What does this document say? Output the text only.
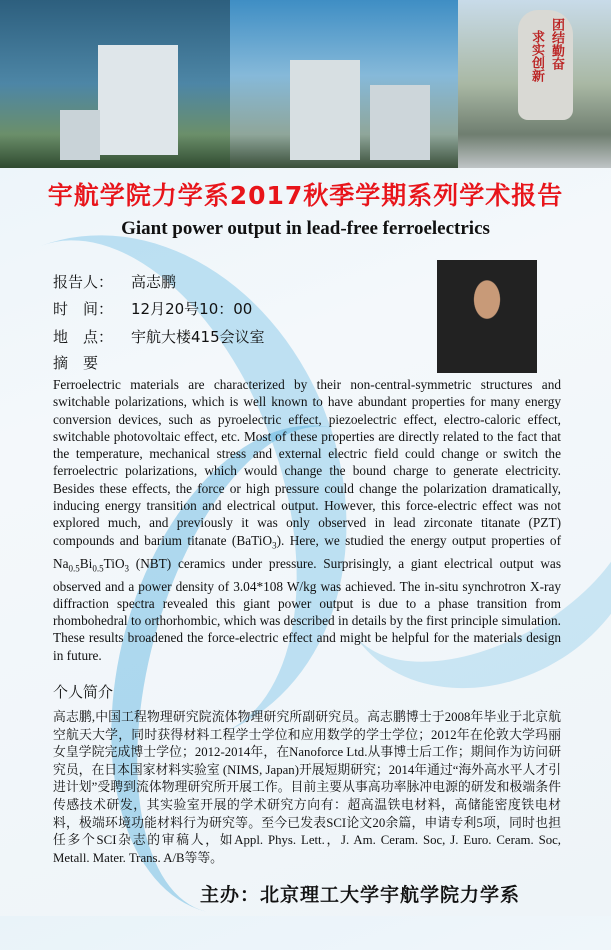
团结勤奋
求实创新
宇航学院力学系2017秋季学期系列学术报告
Giant power output in lead-free ferroelectrics
报告人： 高志鹏
时　间： 12月20号10：00
地　点： 宇航大楼415会议室
摘　要
Ferroelectric materials are characterized by their non-central-symmetric structures and switchable polarizations, which is well known to have abundant properties for many energy conversion devices, such as pyroelectric effect, piezoelectric effect, electro-caloric effect, switchable photovoltaic effect, etc. Most of these properties are directly related to the fact that the temperature, mechanical stress and external electric field could change or switch the ferroelectric polarizations, which would change the bound charge to generate electricity. Besides these effects, the force or high pressure could change the polarization dramatically, inducing energy transition and electrical output. However, this force-electric effect was not explored much, and previously it was only observed in lead zirconate titanate (PZT) compounds and barium titanate (BaTiO$_3$). Here, we studied the energy output properties of $Na_{0.5}Bi_{0.5}TiO_3$ (NBT) ceramics under pressure. Surprisingly, a giant electrical output was observed and a power density of 3.04*108 W/kg was achieved. The in-situ synchrotron X-ray diffraction spectra revealed this giant power output is due to a phase transition from rhombohedral to orthorhombic, which was described in details by the first principle simulation. These results broadened the force-electric effect and might be helpful for the materials design in future.
个人简介
高志鹏,中国工程物理研究院流体物理研究所副研究员。高志鹏博士于2008年毕业于北京航空航天大学，同时获得材料工程学士学位和应用数学的学士学位；2012年在伦敦大学玛丽女皇学院完成博士学位；2012-2014年，在Nanoforce Ltd.从事博士后工作；期间作为访问研究员，在日本国家材料实验室 (NIMS, Japan)开展短期研究；2014年通过“海外高水平人才引进计划”受聘到流体物理研究所开展工作。目前主要从事高功率脉冲电源的研发和极端条件传感技术研发，其实验室开展的学术研究方向有：超高温铁电材料，高储能密度铁电材料，极端环境功能材料行为研究等。至今已发表SCI论文20余篇，申请专利5项，同时也担任多个SCI杂志的审稿人，如Appl. Phys. Lett.，J. Am. Ceram. Soc, J. Euro. Ceram. Soc, Metall. Mater. Trans. A/B等等。
主办：北京理工大学宇航学院力学系
